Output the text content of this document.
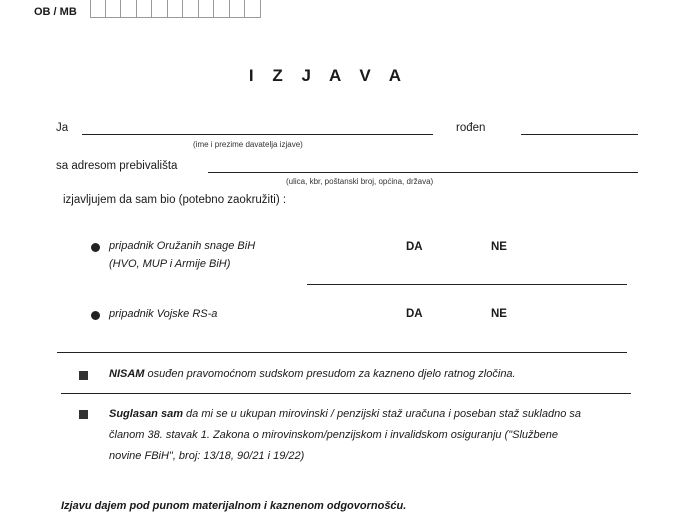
OB / MB
I Z J A V A
Ja
(ime i prezime davatelja izjave)
rođen
sa adresom prebivališta
(ulica, kbr, poštanski broj, općina, država)
izjavljujem da sam bio (potebno zaokružiti) :
pripadnik Oružanih snage BiH
(HVO, MUP i Armije BiH)
DA	NE
pripadnik Vojske RS-a	DA	NE
NISAM osuđen pravomoćnom sudskom presudom za kazneno djelo ratnog zločina.
Suglasan sam da mi se u ukupan mirovinski / penzijski staž uračuna i poseban staž sukladno sa
članom 38. stavak 1. Zakona o mirovinskom/penzijskom i invalidskom osiguranju ("Službene
novine FBiH", broj: 13/18, 90/21 i 19/22)
Izjavu dajem pod punom materijalnom i kaznenom odgovornošću.
